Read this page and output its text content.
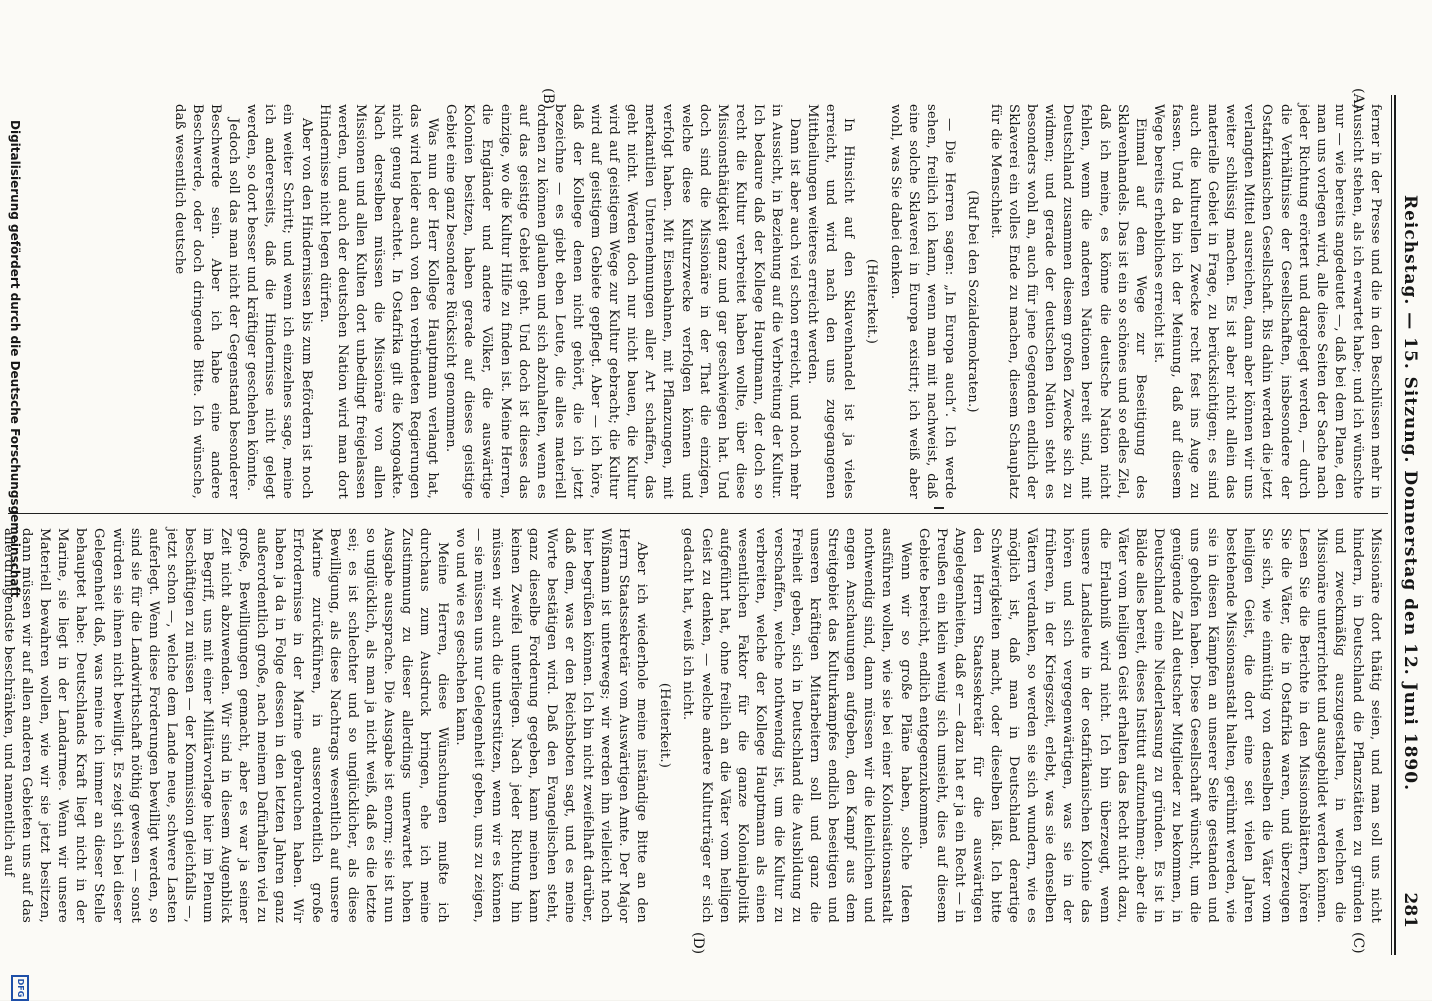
Reichstag. — 15. Sitzung. Donnerstag den 12. Juni 1890.
281
(A)
(B)
(C)
(D)

ferner in der Presse und die in den Beschlüssen mehr in Aussicht stehen, als ich erwartet habe; und ich wünschte nur — wie bereits angedeutet —, daß bei dem Plane, den man uns vorlegen wird, alle diese Seiten der Sache nach jeder Richtung erörtert und dargelegt werden, — durch die Verhältnisse der Gesellschaften, insbesondere der Ostafrikanischen Gesellschaft. Bis dahin werden die jetzt verlangten Mittel ausreichen, dann aber können wir uns weiter schlüssig machen. Es ist aber nicht allein das materielle Gebiet in Frage, zu berücksichtigen; es sind auch die kulturellen Zwecke recht fest ins Auge zu fassen. Und da bin ich der Meinung, daß auf diesem Wege bereits erhebliches erreicht ist.

Einmal auf dem Wege zur Beseitigung des Sklavenhandels. Das ist ein so schönes und so edles Ziel, daß ich meine, es könne die deutsche Nation nicht fehlen, wenn die anderen Nationen bereit sind, mit Deutschland zusammen diesem großen Zwecke sich zu widmen; und gerade der deutschen Nation steht es besonders wohl an, auch für jene Gegenden endlich der Sklaverei ein volles Ende zu machen, diesem Schauplatz für die Menschheit.

(Ruf bei den Sozialdemokraten.)

— Die Herren sagen: „In Europa auch“. Ich werde sehen, freilich ich kann, wenn man mit nachweist, daß eine solche Sklaverei in Europa existirt; ich weiß aber wohl, was Sie dabei denken.

(Heiterkeit.)

In Hinsicht auf den Sklavenhandel ist ja vieles erreicht, und wird nach den uns zugegangenen Mittheilungen weiteres erreicht werden.

Dann ist aber auch viel schon erreicht, und noch mehr in Aussicht, in Beziehung auf die Verbreitung der Kultur. Ich bedaure daß der Kollege Hauptmann, der doch so recht die Kultur verbreitet haben wollte, über diese Missionsthätigkeit ganz und gar geschwiegen hat. Und doch sind die Missionäre in der That die einzigen, welche diese Kulturzwecke verfolgen können und verfolgt haben. Mit Eisenbahnen, mit Pflanzungen, mit merkantilen Unternehmungen aller Art schaffen, das geht nicht. Werden doch nur nicht bauen, die Kultur wird auf geistigem Wege zur Kultur gebracht; die Kultur wird auf geistigem Gebiete gepflegt. Aber — ich höre, daß der Kollege denen nicht gehört, die ich jetzt bezeichne — es giebt eben Leute, die alles materiell ordnen zu können glauben und sich abzuhalten, wenn es auf das geistige Gebiet geht. Und doch ist dieses das einzige, wo die Kultur Hilfe zu finden ist. Meine Herren, die Engländer und andere Völker, die auswärtige Kolonien besitzen, haben gerade auf dieses geistige Gebiet eine ganz besondere Rücksicht genommen.

Was nun der Herr Kollege Hauptmann verlangt hat, das wird leider auch von den verbündeten Regierungen nicht genug beachtet. In Ostafrika gilt die Kongoakte. Nach derselben müssen die Missionäre von allen Missionen und allen Kulten dort unbedingt freigelassen werden, und auch der deutschen Nation wird man dort Hindernisse nicht legen dürfen.

Aber von den Hindernissen bis zum Befördern ist noch ein weiter Schritt; und wenn ich einzelnes sage, meine ich andererseits, daß die Hindernisse nicht gelegt werden, so dort besser und kräftiger geschehen könnte.

Jedoch soll das man nicht der Gegenstand besonderer Beschwerde sein. Aber ich habe eine andere Beschwerde, oder doch dringende Bitte. Ich wünsche, daß wesentlich deutsche

Missionäre dort thätig seien, und man soll uns nicht hindern, in Deutschland die Pflanzstätten zu gründen und zweckmäßig auszugestalten, in welchen die Missionäre unterrichtet und ausgebildet werden können. Lesen Sie die Berichte in den Missionsblättern, hören Sie die Väter, die in Ostafrika waren, und überzeugen Sie sich, wie einmüthig von denselben die Väter vom heiligen Geist, die dort eine seit vielen Jahren bestehende Missionsanstalt halten, gerühmt werden, wie sie in diesen Kämpfen an unserer Seite gestanden und uns geholfen haben. Diese Gesellschaft wünscht, um die genügende Zahl deutscher Mitglieder zu bekommen, in Deutschland eine Niederlassung zu gründen. Es ist in Bälde alles bereit, dieses Institut aufzunehmen; aber die Väter vom heiligen Geist erhalten das Recht nicht dazu, die Erlaubniß wird nicht. Ich bin überzeugt, wenn unsere Landsleute in der ostafrikanischen Kolonie das hören und sich vergegenwärtigen, was sie in der früheren, in der Kriegszeit, erlebt, was sie denselben Vätern verdanken, so werden sie sich wundern, wie es möglich ist, daß man in Deutschland derartige Schwierigkeiten macht, oder dieselben läßt. Ich bitte den Herrn Staatssekretär für die auswärtigen Angelegenheiten, daß er — dazu hat er ja ein Recht — in Preußen ein klein wenig sich umsieht, dies auf diesem Gebiete bereicht, endlich entgegenzukommen.

Wenn wir so große Pläne haben, solche Ideen ausführen wollen, wie sie bei einer Kolonisationsanstalt nothwendig sind, dann müssen wir die kleinlichen und engen Anschauungen aufgeben, den Kampf aus dem Streitgebiet das Kulturkampfes endlich beseitigen und unseren kräftigen Mitarbeitern soll und ganz die Freiheit geben, sich in Deutschland die Ausbildung zu verschaffen, welche nothwendig ist, um die Kultur zu verbreiten, welche der Kollege Hauptmann als einen wesentlichen Faktor für die ganze Kolonialpolitik aufgeführt hat, ohne freilich an die Väter vom heiligen Geist zu denken, — welche andere Kulturträger er sich gedacht hat, weiß ich nicht.

(Heiterkeit.)

Aber ich wiederhole meine inständige Bitte an den Herrn Staatssekretär vom Auswärtigen Amte. Der Major Wißmann ist unterwegs; wir werden ihn vielleicht noch hier begrüßen können. Ich bin nicht zweifelhaft darüber, daß dem, was er den Reichsboten sagt, und es meine Worte bestätigen wird. Daß den Evangelischen steht, ganz dieselbe Forderung gegeben, kann meinen kann keinen Zweifel unterliegen. Nach jeder Richtung hin müssen wir auch die unterstützen, wenn wir es können — sie müssen uns nur Gelegenheit geben, uns zu zeigen, wo und wie es geschehen kann.

Meine Herren, diese Wünschungen mußte ich durchaus zum Ausdruck bringen, ehe ich meine Zustimmung zu dieser allerdings unerwartet hohen Ausgabe aussprache. Die Ausgabe ist enorm; sie ist nun so unglücklich, als man ja nicht weiß, daß es die letzte sei; es ist schlechter und so unglücklicher, als diese Bewilligung, als diese Nachtrags wesentlich auf unsere Marine zurückführen, in ausserordentlich große Erfordernisse in der Marine gebrauchen haben. Wir haben ja da in Folge dessen in den letzten Jahren ganz außerordentlich große, nach meinem Dafürhalten viel zu große, Bewilligungen gemacht, aber es war ja seiner Zeit nicht abzuwenden. Wir sind in diesem Augenblick im Begriff, uns mit einer Militärvorlage hier im Plenum beschäftigen zu müssen — der Kommission gleichfalls —, jetzt schon —, welche dem Lande neue, schwere Lasten auferlegt. Wenn diese Forderungen bewilligt werden, so sind sie für die Landwirthschaft nöthig gewesen — sonst würden sie ihnen nicht bewilligt. Es zeigt sich bei dieser Gelegenheit daß, was meine ich immer an dieser Stelle behauptet habe: Deutschlands Kraft liegt nicht in der Marine, sie liegt in der Landarmee. Wenn wir unsere Materiell bewahren wollen, wie wir sie jetzt besitzen, dann müssen wir auf allen anderen Gebieten uns auf das allerdringendste beschränken, und namentlich auf

Digitalisierung gefördert durch die Deutsche Forschungsgemeinschaft
DFG
